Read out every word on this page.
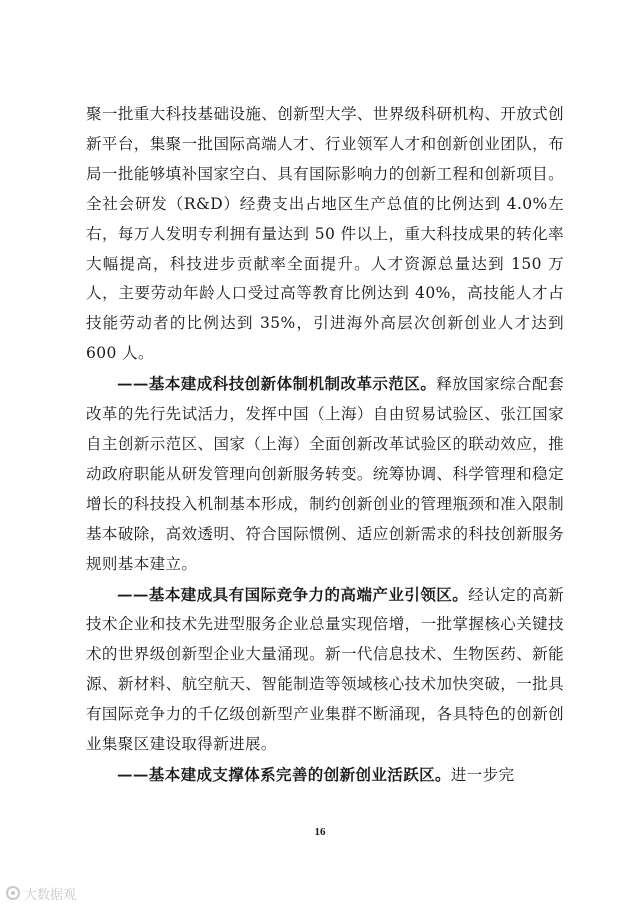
聚一批重大科技基础设施、创新型大学、世界级科研机构、开放式创新平台，集聚一批国际高端人才、行业领军人才和创新创业团队，布局一批能够填补国家空白、具有国际影响力的创新工程和创新项目。全社会研发（R&D）经费支出占地区生产总值的比例达到 4.0%左右，每万人发明专利拥有量达到 50 件以上，重大科技成果的转化率大幅提高，科技进步贡献率全面提升。人才资源总量达到 150 万人，主要劳动年龄人口受过高等教育比例达到 40%，高技能人才占技能劳动者的比例达到 35%，引进海外高层次创新创业人才达到 600 人。

——基本建成科技创新体制机制改革示范区。释放国家综合配套改革的先行先试活力，发挥中国（上海）自由贸易试验区、张江国家自主创新示范区、国家（上海）全面创新改革试验区的联动效应，推动政府职能从研发管理向创新服务转变。统筹协调、科学管理和稳定增长的科技投入机制基本形成，制约创新创业的管理瓶颈和准入限制基本破除，高效透明、符合国际惯例、适应创新需求的科技创新服务规则基本建立。

——基本建成具有国际竞争力的高端产业引领区。经认定的高新技术企业和技术先进型服务企业总量实现倍增，一批掌握核心关键技术的世界级创新型企业大量涌现。新一代信息技术、生物医药、新能源、新材料、航空航天、智能制造等领域核心技术加快突破，一批具有国际竞争力的千亿级创新型产业集群不断涌现，各具特色的创新创业集聚区建设取得新进展。

——基本建成支撑体系完善的创新创业活跃区。进一步完

16
大数据观
